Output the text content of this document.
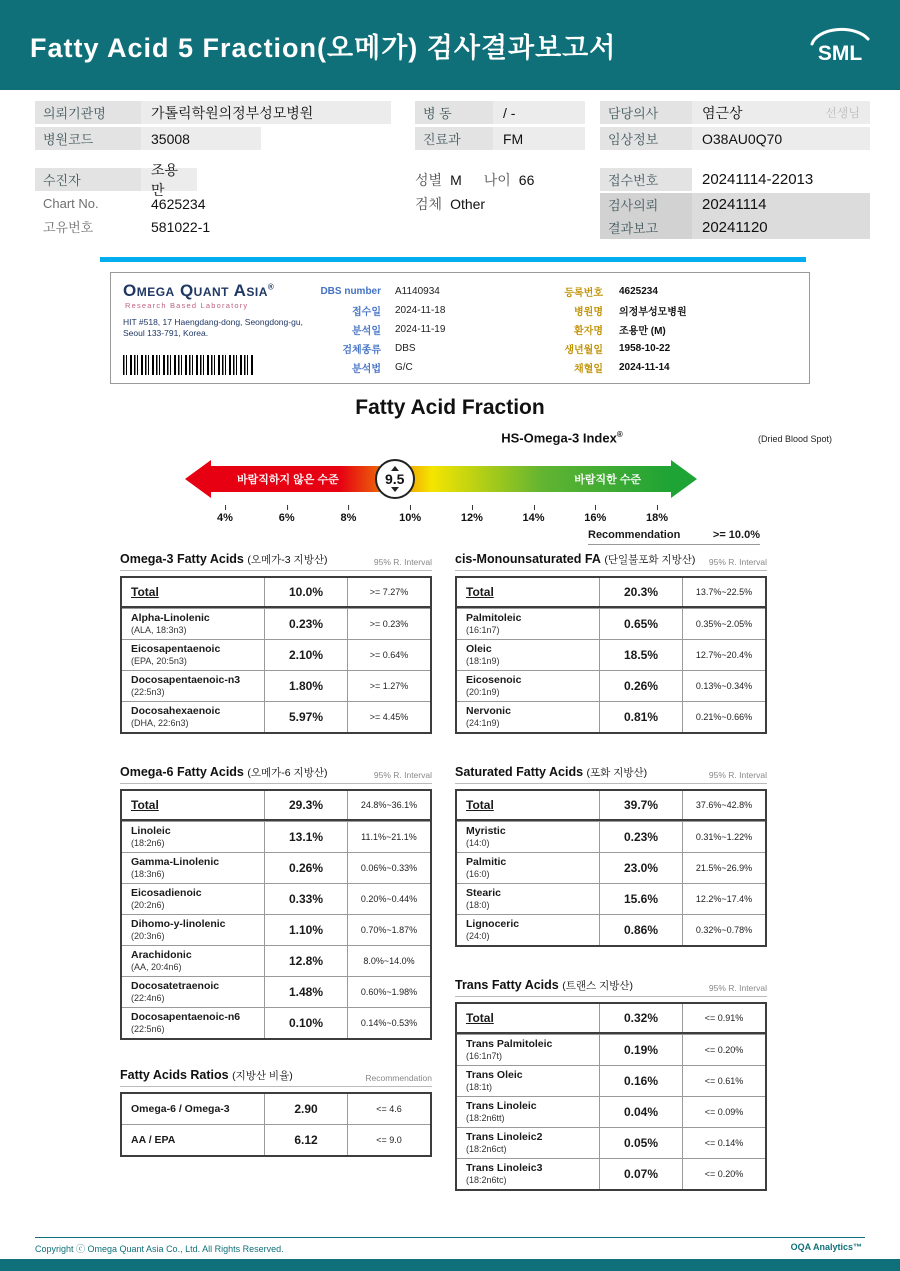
Fatty Acid 5 Fraction(오메가) 검사결과보고서	SML
의뢰기관명	가톨릭학원의정부성모병원
병원코드	35008
수진자
조용만
Chart No.	4625234
고유번호	581022-1
병 동	/ -
진료과	FM
성별 M 나이 66
검체 Other
담당의사	염근상	선생님
임상정보	O38AU0Q70
접수번호	20241114-22013
검사의뢰	20241114
결과보고	20241120
Omega Quant Asia®
Research Based Laboratory
HIT #518, 17 Haengdang-dong, Seongdong-gu,
Seoul 133-791, Korea.
DBS number A1140934
접수일 2024-11-18
분석일 2024-11-19
검체종류 DBS
분석법 G/C
등록번호 4625234
병원명 의정부성모병원
환자명 조용만 (M)
생년월일 1958-10-22
채혈일 2024-11-14
Fatty Acid Fraction
HS-Omega-3 Index®	(Dried Blood Spot)
바람직하지 않은 수준	바람직한 수준
4%	6%	8%	10%	12%	14%	16%	18%
9.5
Recommendation	>= 10.0%
Omega-3 Fatty Acids (오메가-3 지방산)	95% R. Interval
Total	10.0%	>= 7.27%
Alpha-Linolenic
(ALA, 18:3n3)	0.23%	>= 0.23%
Eicosapentaenoic
(EPA, 20:5n3)	2.10%	>= 0.64%
Docosapentaenoic-n3
(22:5n3)	1.80%	>= 1.27%
Docosahexaenoic
(DHA, 22:6n3)	5.97%	>= 4.45%
cis-Monounsaturated FA (단일불포화 지방산) 95% R. Interval
Total	20.3%	13.7%~22.5%
Palmitoleic
(16:1n7)	0.65%	0.35%~2.05%
Oleic
(18:1n9)	18.5%	12.7%~20.4%
Eicosenoic
(20:1n9)	0.26%	0.13%~0.34%
Nervonic
(24:1n9)	0.81%	0.21%~0.66%
Omega-6 Fatty Acids (오메가-6 지방산)	95% R. Interval
Total	29.3%	24.8%~36.1%
Linoleic
(18:2n6)	13.1%	11.1%~21.1%
Gamma-Linolenic
(18:3n6)	0.26%	0.06%~0.33%
Eicosadienoic
(20:2n6)	0.33%	0.20%~0.44%
Dihomo-y-linolenic
(20:3n6)	1.10%	0.70%~1.87%
Arachidonic
(AA, 20:4n6)	12.8%	8.0%~14.0%
Docosatetraenoic
(22:4n6)	1.48%	0.60%~1.98%
Docosapentaenoic-n6
(22:5n6)	0.10%	0.14%~0.53%
Saturated Fatty Acids (포화 지방산)	95% R. Interval
Total	39.7%	37.6%~42.8%
Myristic
(14:0)	0.23%	0.31%~1.22%
Palmitic
(16:0)	23.0%	21.5%~26.9%
Stearic
(18:0)	15.6%	12.2%~17.4%
Lignoceric
(24:0)	0.86%	0.32%~0.78%
Trans Fatty Acids (트랜스 지방산)	95% R. Interval
Total	0.32%	<= 0.91%
Trans Palmitoleic
(16:1n7t)	0.19%	<= 0.20%
Trans Oleic
(18:1t)	0.16%	<= 0.61%
Trans Linoleic
(18:2n6tt)	0.04%	<= 0.09%
Trans Linoleic2
(18:2n6ct)	0.05%	<= 0.14%
Trans Linoleic3
(18:2n6tc)	0.07%	<= 0.20%
Fatty Acids Ratios (지방산 비율)	Recommendation
Omega-6 / Omega-3	2.90	<= 4.6
AA / EPA	6.12	<= 9.0
Copyright ⓒ Omega Quant Asia Co., Ltd. All Rights Reserved.	OQA Analytics™
